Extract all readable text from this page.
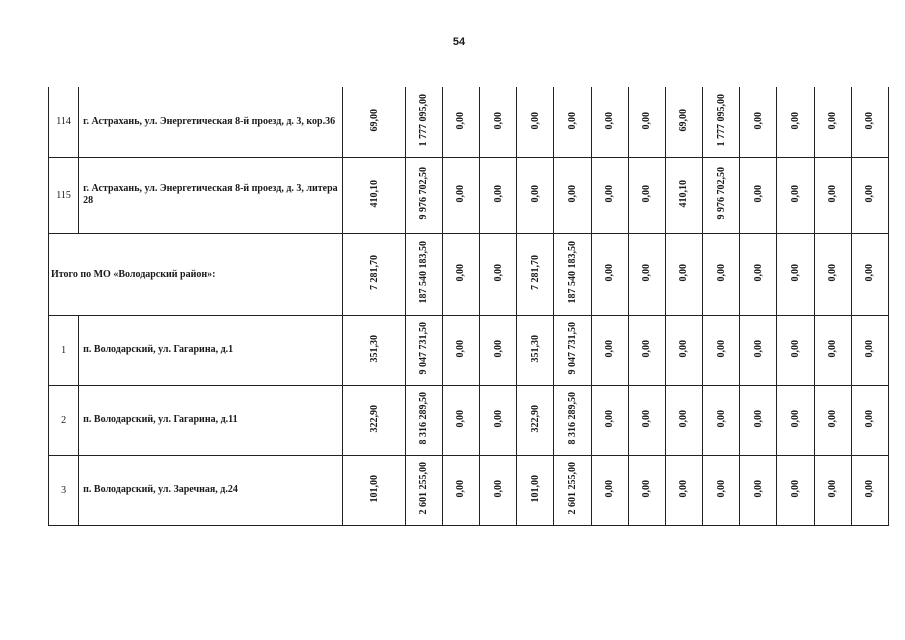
54
114	г. Астрахань, ул. Энергетическая 8-й проезд, д. 3, кор.36	69,00	1 777 095,00	0,00	0,00	0,00	0,00	0,00	0,00	69,00	1 777 095,00	0,00	0,00	0,00	0,00
115	г. Астрахань, ул. Энергетическая 8-й проезд, д. 3, литера 28	410,10	9 976 702,50	0,00	0,00	0,00	0,00	0,00	0,00	410,10	9 976 702,50	0,00	0,00	0,00	0,00
Итого по МО «Володарский район»:		7 281,70	187 540 183,50	0,00	0,00	7 281,70	187 540 183,50	0,00	0,00	0,00	0,00	0,00	0,00	0,00	0,00
1	п. Володарский, ул. Гагарина, д.1	351,30	9 047 731,50	0,00	0,00	351,30	9 047 731,50	0,00	0,00	0,00	0,00	0,00	0,00	0,00	0,00
2	п. Володарский, ул. Гагарина, д.11	322,90	8 316 289,50	0,00	0,00	322,90	8 316 289,50	0,00	0,00	0,00	0,00	0,00	0,00	0,00	0,00
3	п. Володарский, ул. Заречная, д.24	101,00	2 601 255,00	0,00	0,00	101,00	2 601 255,00	0,00	0,00	0,00	0,00	0,00	0,00	0,00	0,00
